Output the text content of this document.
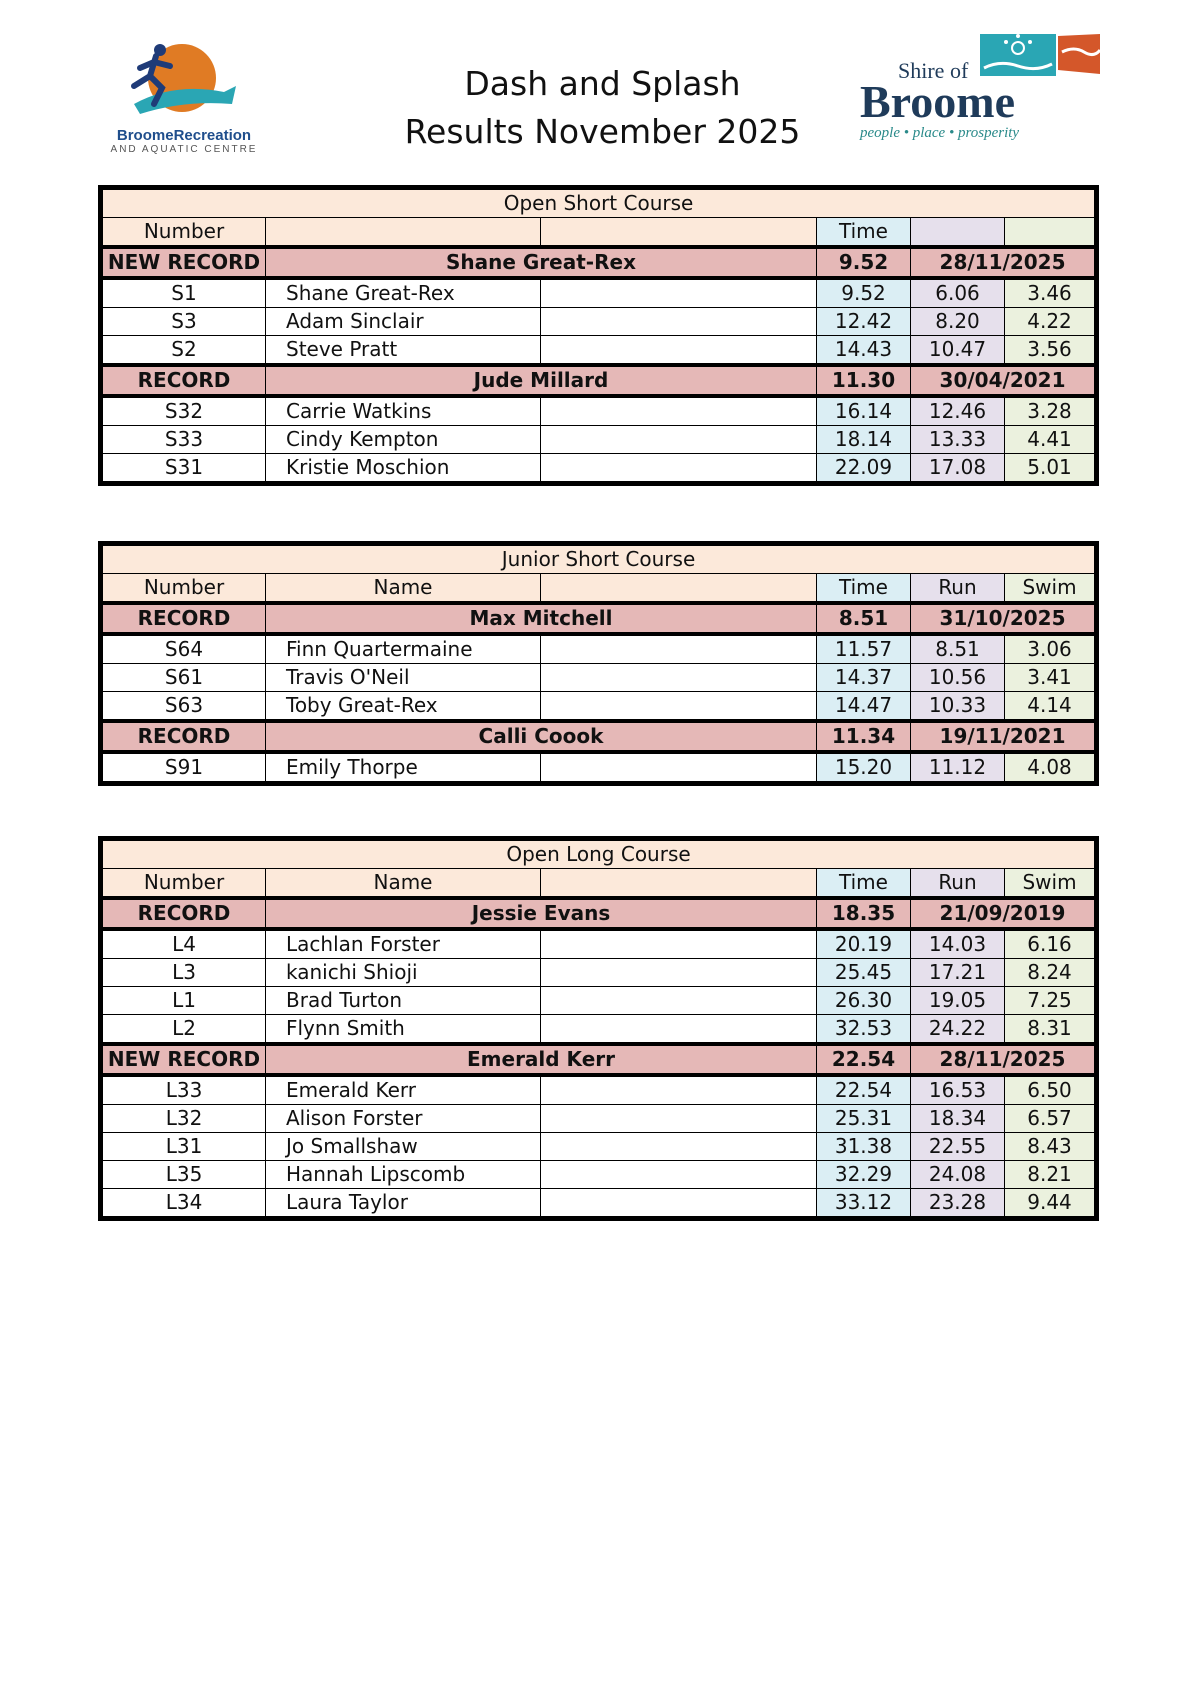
BroomeRecreation
AND AQUATIC CENTRE
Dash and Splash
Results November 2025
Shire of
Broome
people • place • prosperity
Open Short Course					
Number			Time		
NEW RECORD	Shane Great-Rex		9.52	28/11/2025	
S1	Shane Great-Rex		9.52	6.06	3.46
S3	Adam Sinclair		12.42	8.20	4.22
S2	Steve Pratt		14.43	10.47	3.56
RECORD	Jude Millard		11.30	30/04/2021	
S32	Carrie Watkins		16.14	12.46	3.28
S33	Cindy Kempton		18.14	13.33	4.41
S31	Kristie Moschion		22.09	17.08	5.01
Junior Short Course					
Number	Name		Time	Run	Swim
RECORD	Max Mitchell		8.51	31/10/2025	
S64	Finn Quartermaine		11.57	8.51	3.06
S61	Travis O'Neil		14.37	10.56	3.41
S63	Toby Great-Rex		14.47	10.33	4.14
RECORD	Calli Coook		11.34	19/11/2021	
S91	Emily Thorpe		15.20	11.12	4.08
Open Long Course					
Number	Name		Time	Run	Swim
RECORD	Jessie Evans		18.35	21/09/2019	
L4	Lachlan Forster		20.19	14.03	6.16
L3	kanichi Shioji		25.45	17.21	8.24
L1	Brad Turton		26.30	19.05	7.25
L2	Flynn Smith		32.53	24.22	8.31
NEW RECORD	Emerald Kerr		22.54	28/11/2025	
L33	Emerald Kerr		22.54	16.53	6.50
L32	Alison Forster		25.31	18.34	6.57
L31	Jo Smallshaw		31.38	22.55	8.43
L35	Hannah Lipscomb		32.29	24.08	8.21
L34	Laura Taylor		33.12	23.28	9.44
